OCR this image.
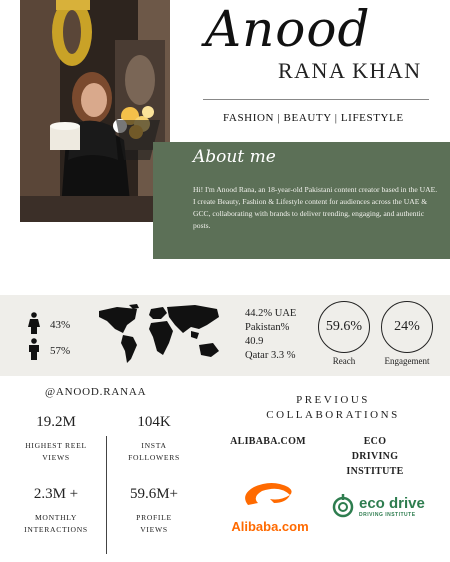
Anood
RANA KHAN
FASHION | BEAUTY | LIFESTYLE
About me
Hi! I'm Anood Rana, an 18-year-old Pakistani content creator based in the UAE. I create Beauty, Fashion & Lifestyle content for audiences across the UAE & GCC, collaborating with brands to deliver trending, engaging, and authentic posts.
43%
57%
44.2% UAE
Pakistan%
40.9
Qatar 3.3 %
59.6%
Reach
24%
Engagement
@ANOOD.RANAA
19.2M
HIGHEST REEL VIEWS
104K
INSTA FOLLOWERS
2.3M +
MONTHLY INTERACTIONS
59.6M+
PROFILE VIEWS
PREVIOUS COLLABORATIONS
ALIBABA.COM	ECO DRIVING INSTITUTE
Alibaba.com
eco drive
DRIVING INSTITUTE
